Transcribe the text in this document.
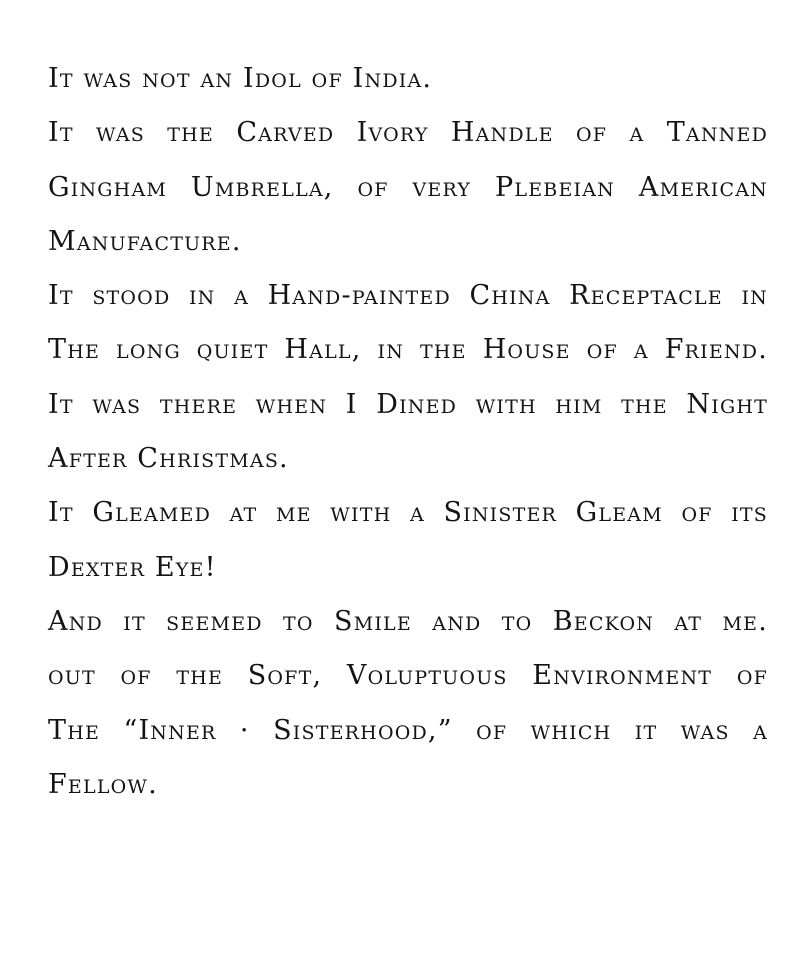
It was not an Idol of India.
It was the Carved Ivory Handle of a Tanned
Gingham Umbrella, of very Plebeian American
Manufacture.
It stood in a Hand-painted China Receptacle in
The long quiet Hall, in the House of a Friend.
It was there when I Dined with him the Night
After Christmas.
It Gleamed at me with a Sinister Gleam of its
Dexter Eye!
And it seemed to Smile and to Beckon at me.
out of the Soft, Voluptuous Environment of
The “Inner · Sisterhood,” of which it was a
Fellow.
